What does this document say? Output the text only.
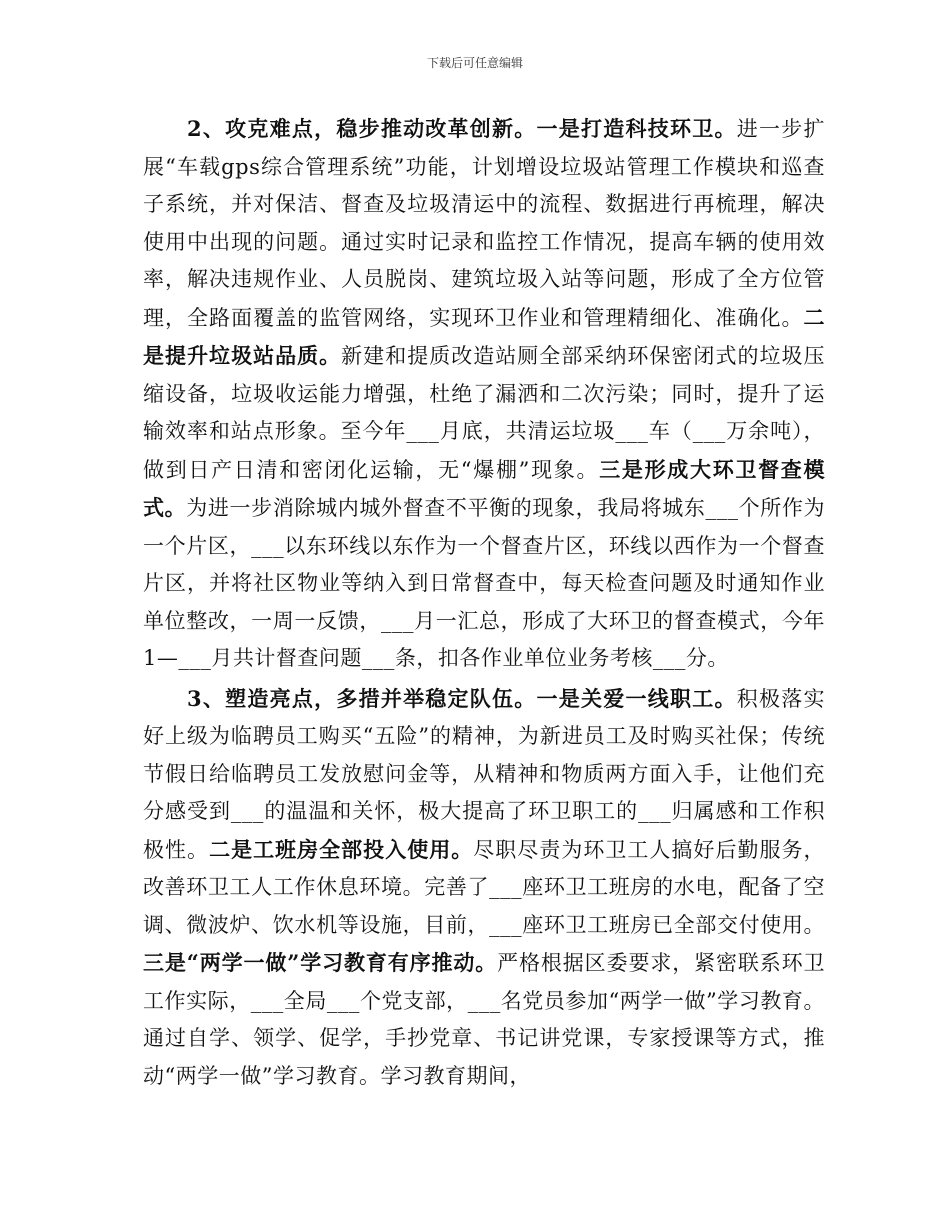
下载后可任意编辑

2、攻克难点，稳步推动改革创新。一是打造科技环卫。进一步扩展“车载gps综合管理系统”功能，计划增设垃圾站管理工作模块和巡查子系统，并对保洁、督查及垃圾清运中的流程、数据进行再梳理，解决使用中出现的问题。通过实时记录和监控工作情况，提高车辆的使用效率，解决违规作业、人员脱岗、建筑垃圾入站等问题，形成了全方位管理，全路面覆盖的监管网络，实现环卫作业和管理精细化、准确化。二是提升垃圾站品质。新建和提质改造站厕全部采纳环保密闭式的垃圾压缩设备，垃圾收运能力增强，杜绝了漏洒和二次污染；同时，提升了运输效率和站点形象。至今年___月底，共清运垃圾___车（___万余吨），做到日产日清和密闭化运输，无“爆棚”现象。三是形成大环卫督查模式。为进一步消除城内城外督查不平衡的现象，我局将城东___个所作为一个片区，___以东环线以东作为一个督查片区，环线以西作为一个督查片区，并将社区物业等纳入到日常督查中，每天检查问题及时通知作业单位整改，一周一反馈，___月一汇总，形成了大环卫的督查模式，今年1—___月共计督查问题___条，扣各作业单位业务考核___分。

3、塑造亮点，多措并举稳定队伍。一是关爱一线职工。积极落实好上级为临聘员工购买“五险”的精神，为新进员工及时购买社保；传统节假日给临聘员工发放慰问金等，从精神和物质两方面入手，让他们充分感受到___的温温和关怀，极大提高了环卫职工的___归属感和工作积极性。二是工班房全部投入使用。尽职尽责为环卫工人搞好后勤服务，改善环卫工人工作休息环境。完善了___座环卫工班房的水电，配备了空调、微波炉、饮水机等设施，目前，___座环卫工班房已全部交付使用。三是“两学一做”学习教育有序推动。严格根据区委要求，紧密联系环卫工作实际，___全局___个党支部，___名党员参加“两学一做”学习教育。通过自学、领学、促学，手抄党章、书记讲党课，专家授课等方式，推动“两学一做”学习教育。学习教育期间，
